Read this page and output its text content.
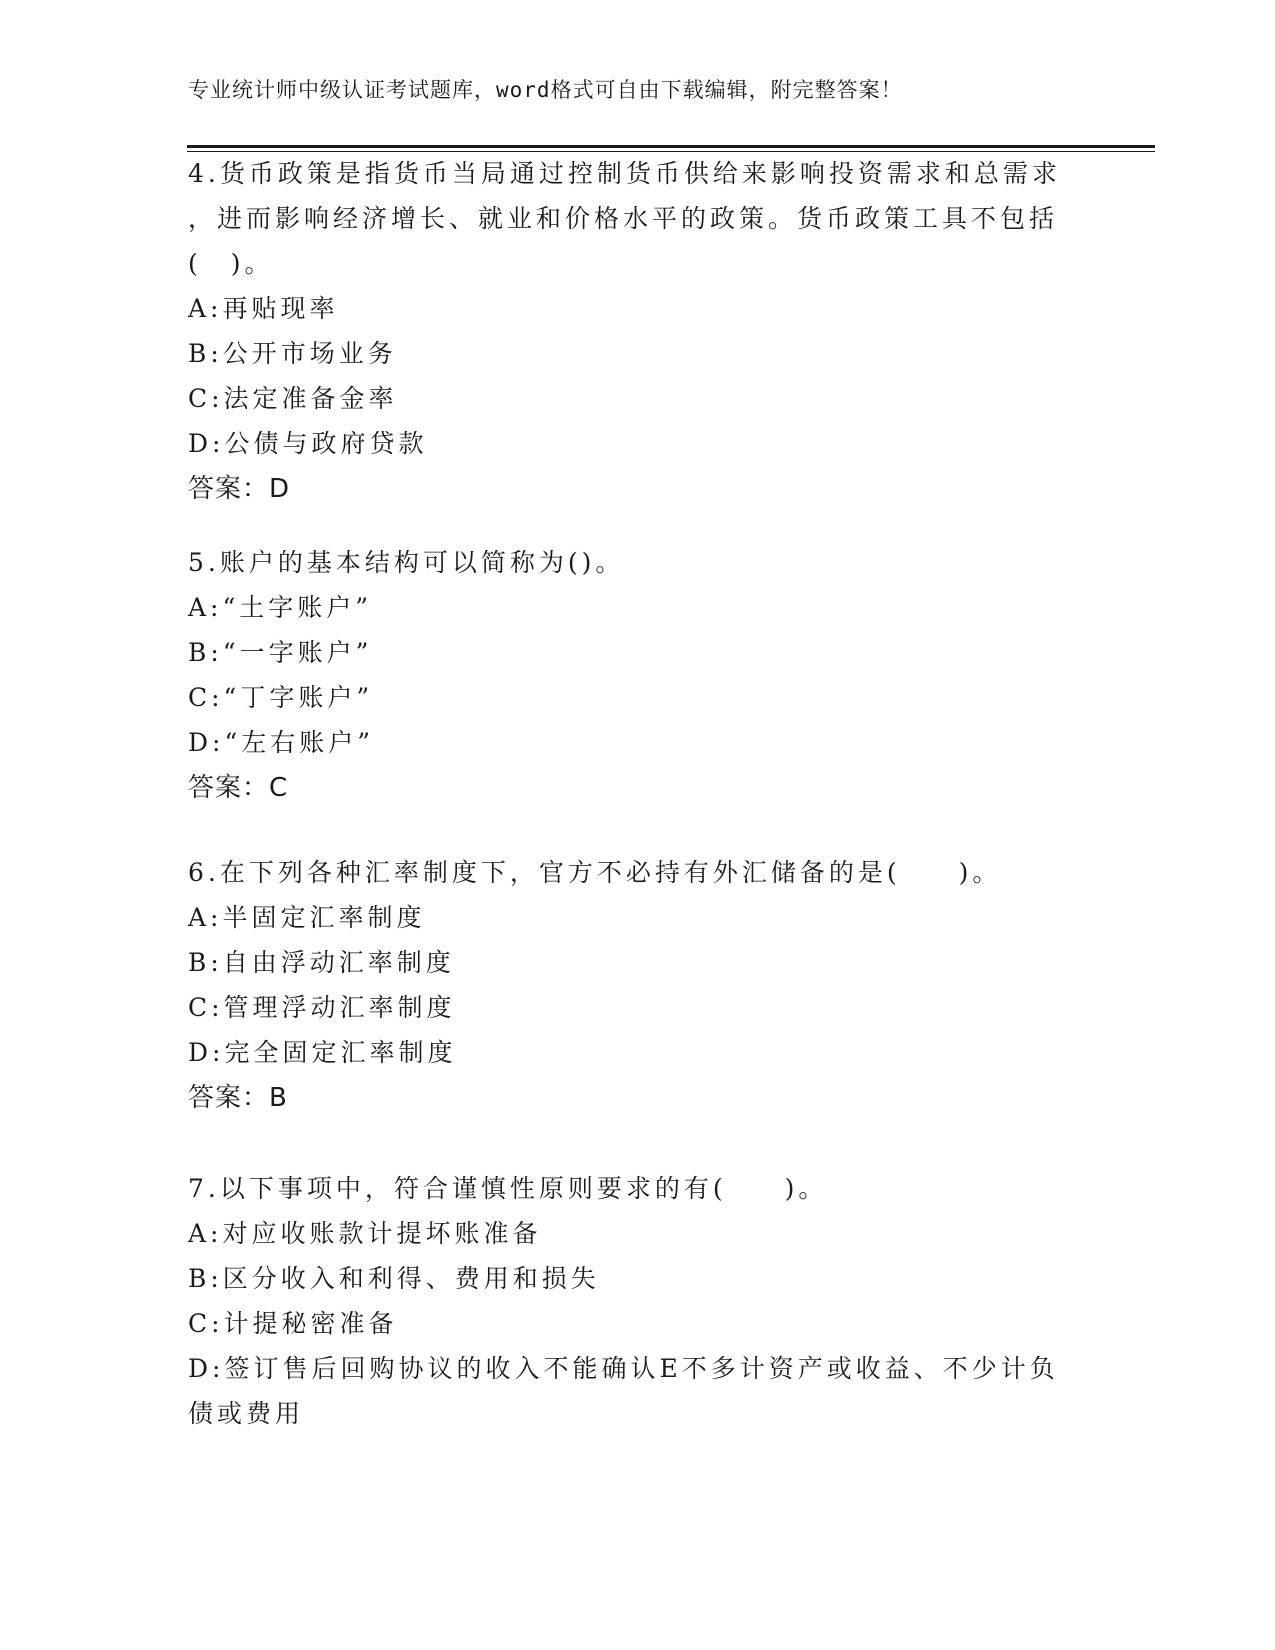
专业统计师中级认证考试题库，word格式可自由下载编辑，附完整答案！
4.货币政策是指货币当局通过控制货币供给来影响投资需求和总需求
，进而影响经济增长、就业和价格水平的政策。货币政策工具不包括
(　)。
A:再贴现率
B:公开市场业务
C:法定准备金率
D:公债与政府贷款
答案：D
5.账户的基本结构可以简称为()。
A:“土字账户”
B:“一字账户”
C:“丁字账户”
D:“左右账户”
答案：C
6.在下列各种汇率制度下，官方不必持有外汇储备的是(　　)。
A:半固定汇率制度
B:自由浮动汇率制度
C:管理浮动汇率制度
D:完全固定汇率制度
答案：B
7.以下事项中，符合谨慎性原则要求的有(　　)。
A:对应收账款计提坏账准备
B:区分收入和利得、费用和损失
C:计提秘密准备
D:签订售后回购协议的收入不能确认E不多计资产或收益、不少计负
债或费用
